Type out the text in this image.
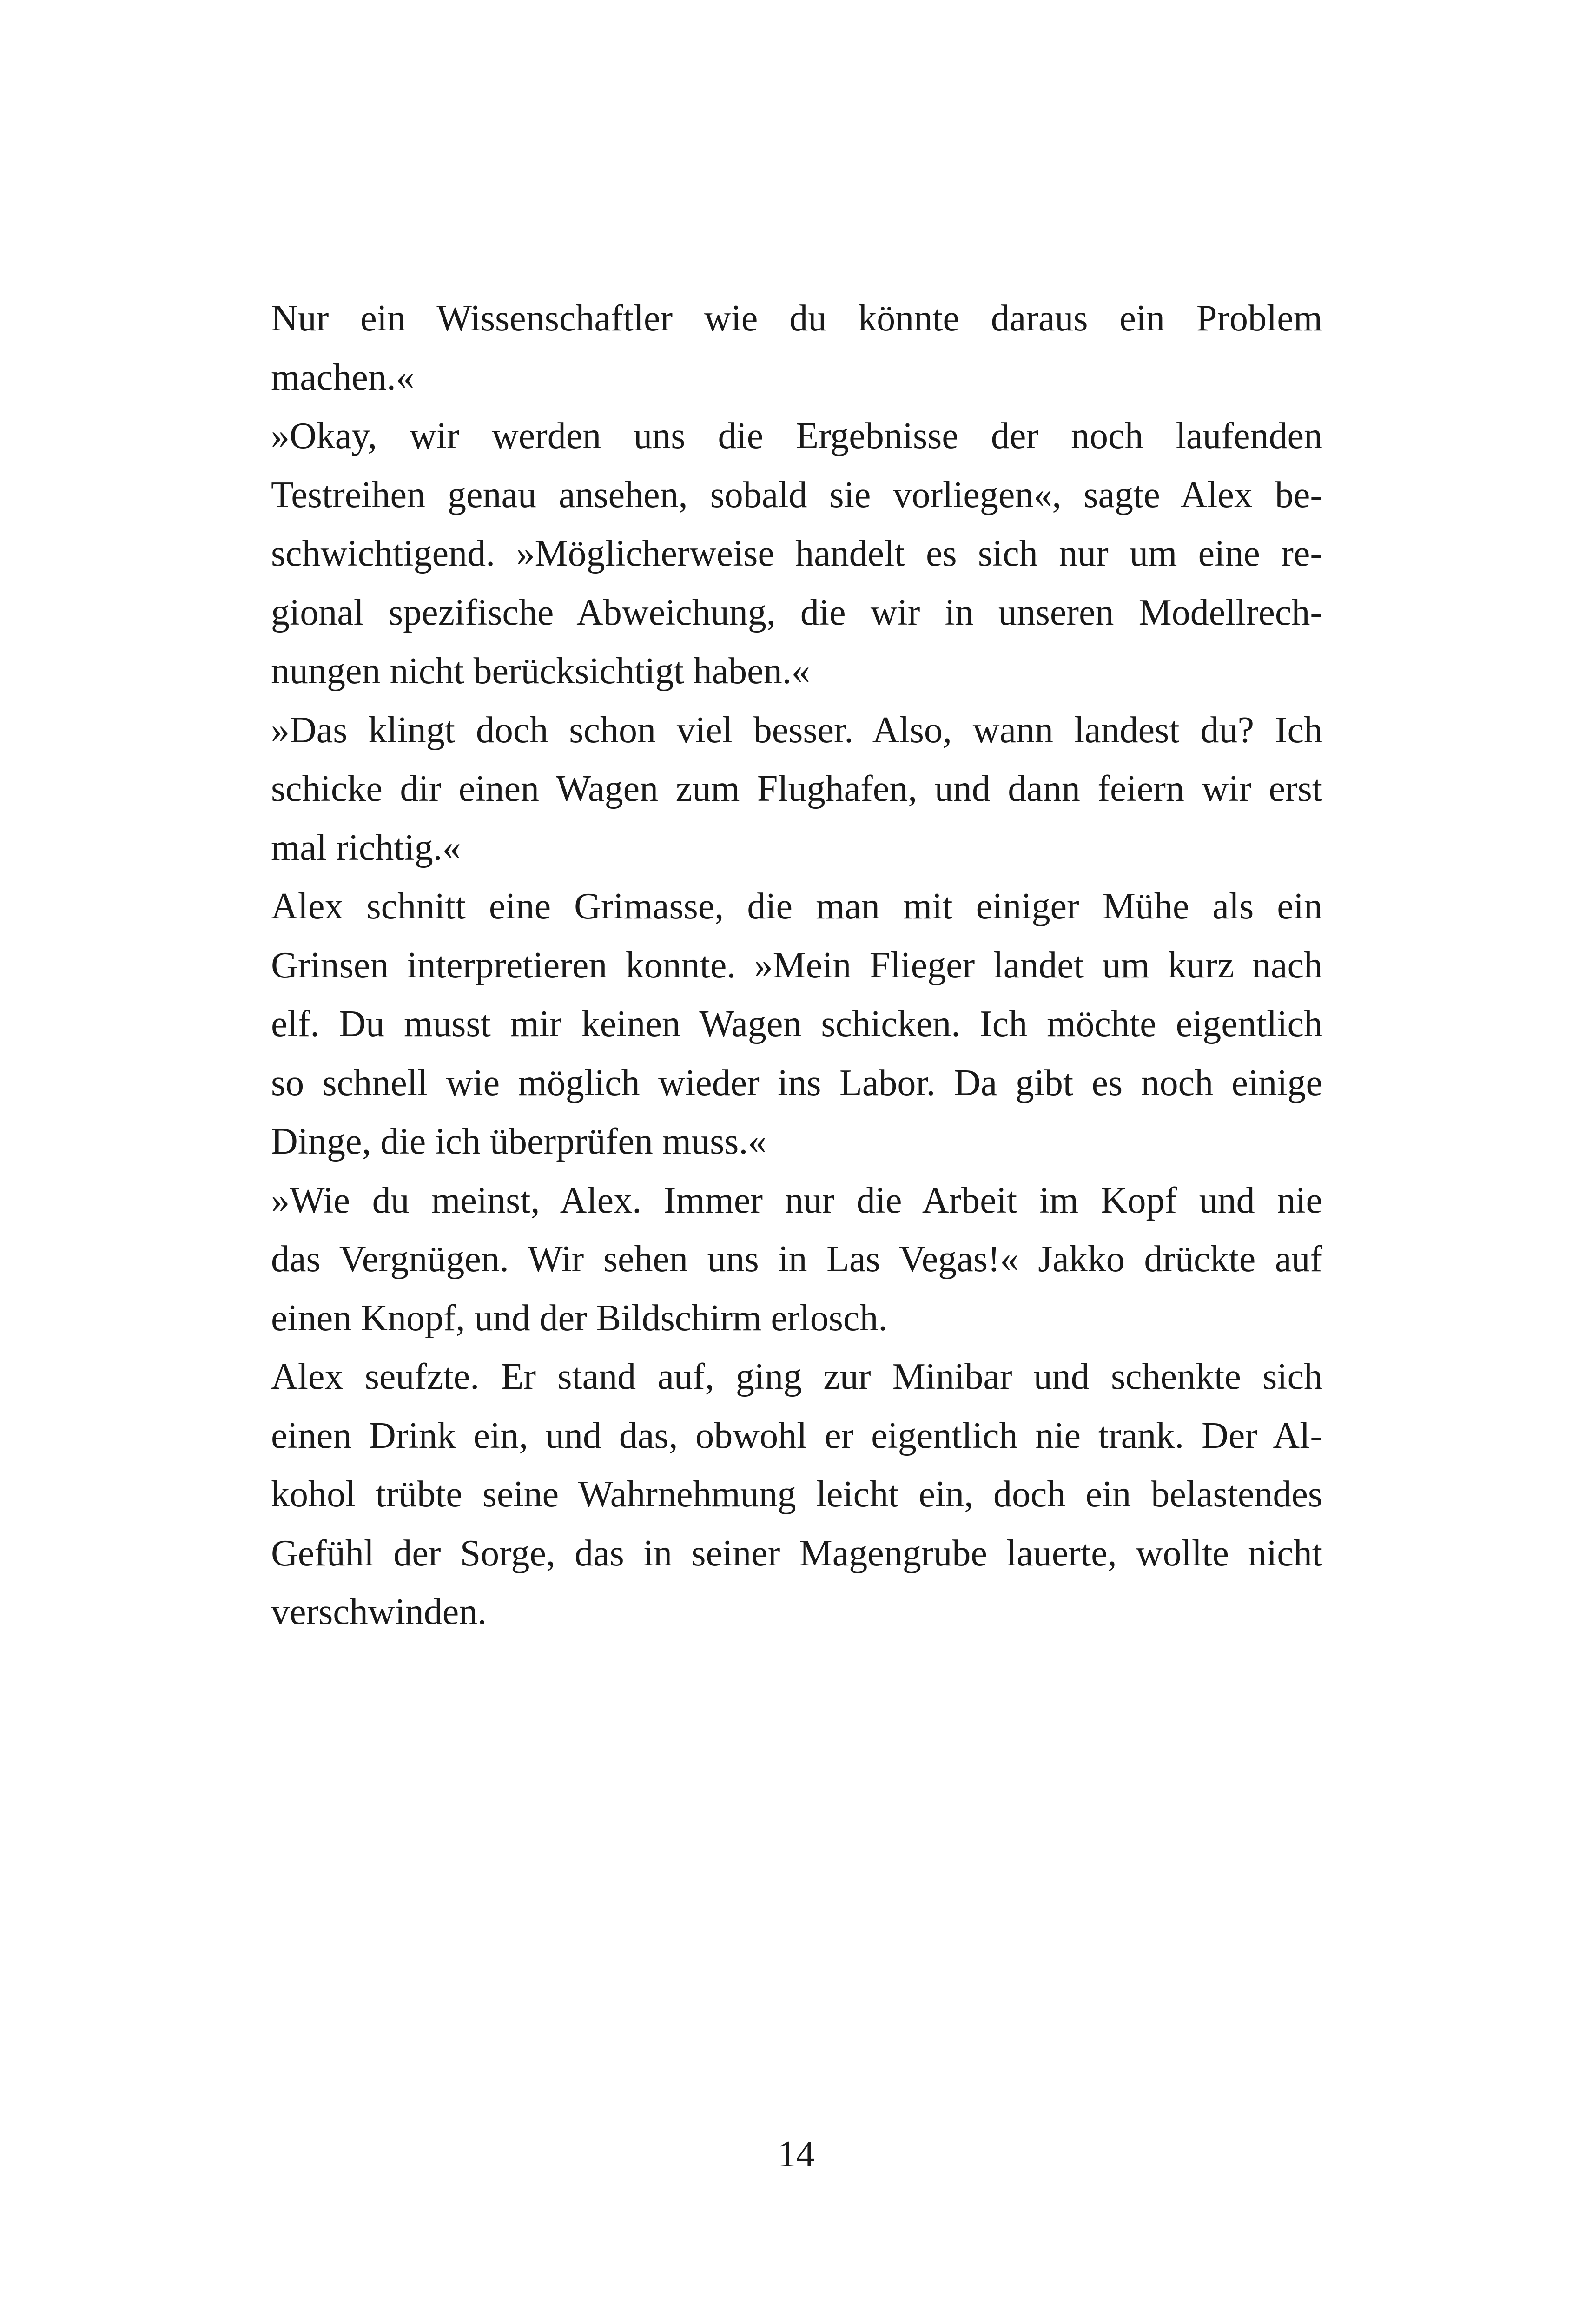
Nur ein Wissenschaftler wie du könnte daraus ein Problem
machen.«
»Okay, wir werden uns die Ergebnisse der noch laufenden
Testreihen genau ansehen, sobald sie vorliegen«, sagte Alex be-
schwichtigend. »Möglicherweise handelt es sich nur um eine re-
gional spezifische Abweichung, die wir in unseren Modellrech-
nungen nicht berücksichtigt haben.«
»Das klingt doch schon viel besser. Also, wann landest du? Ich
schicke dir einen Wagen zum Flughafen, und dann feiern wir erst
mal richtig.«
Alex schnitt eine Grimasse, die man mit einiger Mühe als ein
Grinsen interpretieren konnte. »Mein Flieger landet um kurz nach
elf. Du musst mir keinen Wagen schicken. Ich möchte eigentlich
so schnell wie möglich wieder ins Labor. Da gibt es noch einige
Dinge, die ich überprüfen muss.«
»Wie du meinst, Alex. Immer nur die Arbeit im Kopf und nie
das Vergnügen. Wir sehen uns in Las Vegas!« Jakko drückte auf
einen Knopf, und der Bildschirm erlosch.
Alex seufzte. Er stand auf, ging zur Minibar und schenkte sich
einen Drink ein, und das, obwohl er eigentlich nie trank. Der Al-
kohol trübte seine Wahrnehmung leicht ein, doch ein belastendes
Gefühl der Sorge, das in seiner Magengrube lauerte, wollte nicht
verschwinden.
14
